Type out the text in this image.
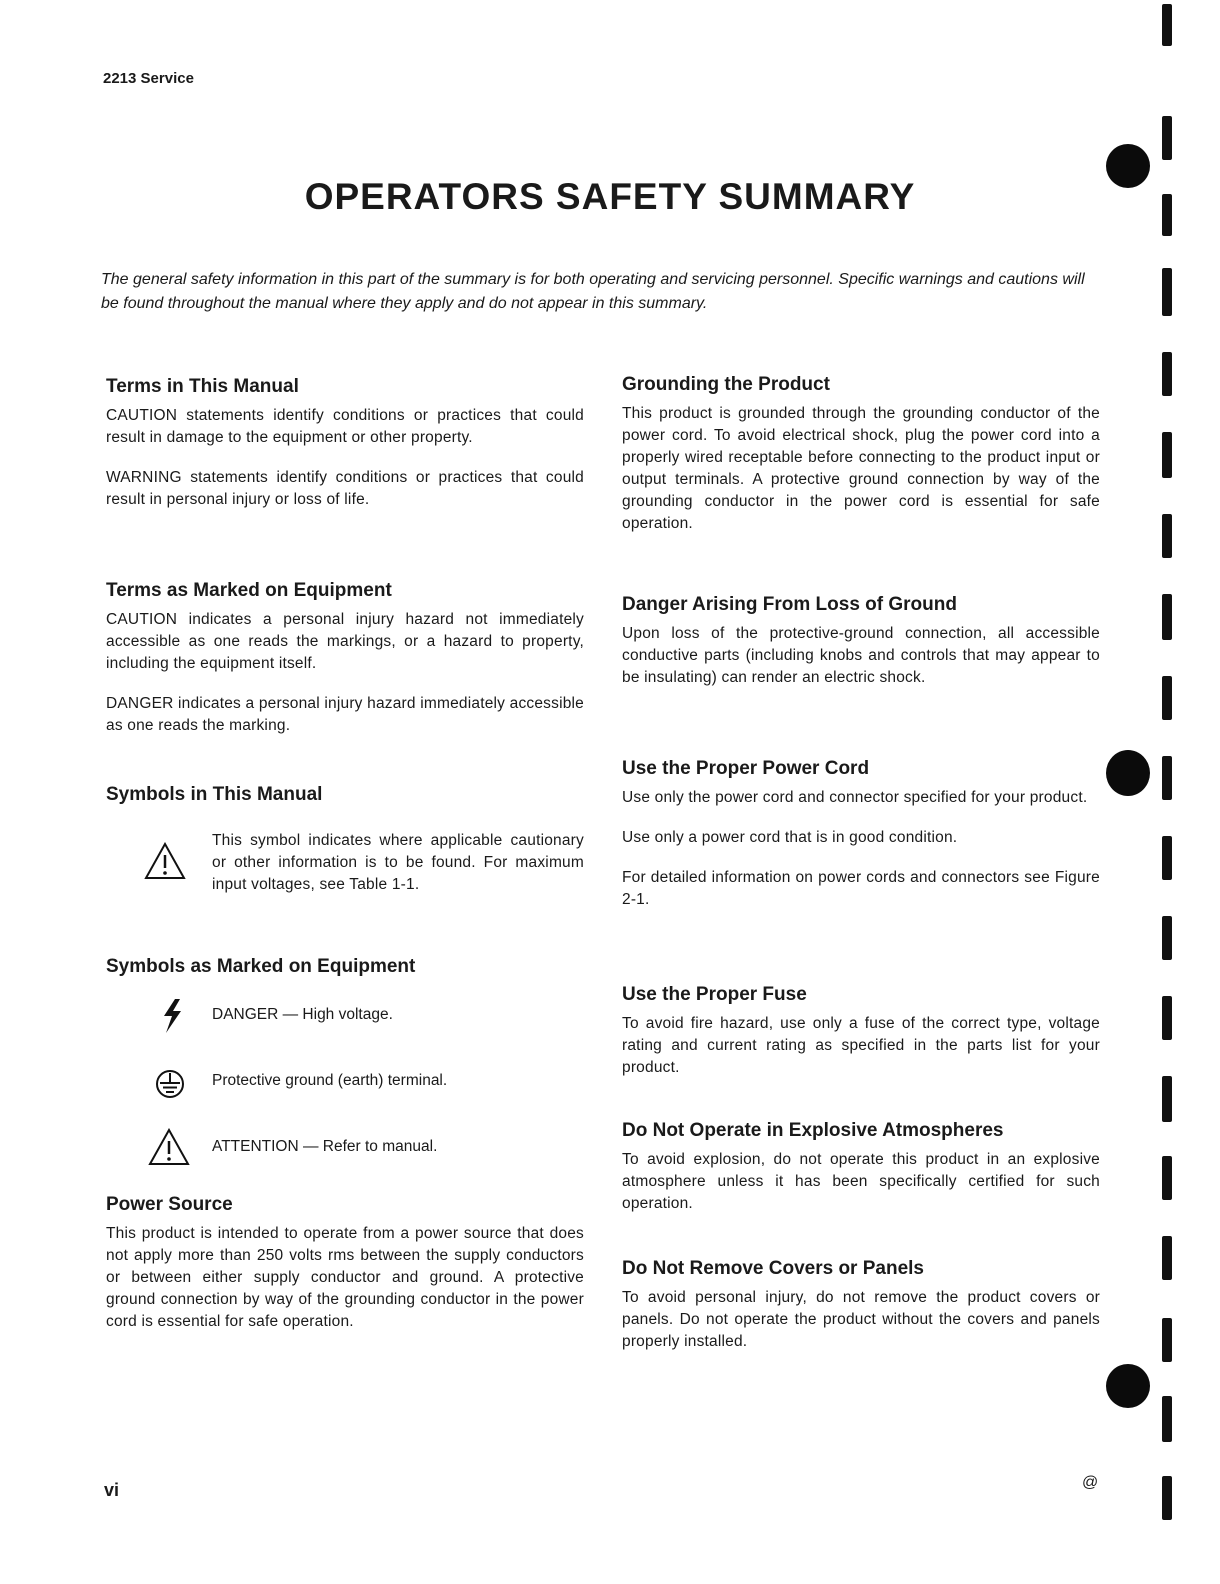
2213 Service
OPERATORS SAFETY SUMMARY

The general safety information in this part of the summary is for both operating and servicing personnel. Specific warnings and cautions will be found throughout the manual where they apply and do not appear in this summary.

Terms in This Manual

CAUTION statements identify conditions or practices that could result in damage to the equipment or other property.

WARNING statements identify conditions or practices that could result in personal injury or loss of life.

Terms as Marked on Equipment

CAUTION indicates a personal injury hazard not immediately accessible as one reads the markings, or a hazard to property, including the equipment itself.

DANGER indicates a personal injury hazard immediately accessible as one reads the marking.

Symbols in This Manual

This symbol indicates where applicable cautionary or other information is to be found. For maximum input voltages, see Table 1-1.

Symbols as Marked on Equipment
DANGER — High voltage.
Protective ground (earth) terminal.
ATTENTION — Refer to manual.
Power Source

This product is intended to operate from a power source that does not apply more than 250 volts rms between the supply conductors or between either supply conductor and ground. A protective ground connection by way of the grounding conductor in the power cord is essential for safe operation.

Grounding the Product

This product is grounded through the grounding conductor of the power cord. To avoid electrical shock, plug the power cord into a properly wired receptable before connecting to the product input or output terminals. A protective ground connection by way of the grounding conductor in the power cord is essential for safe operation.

Danger Arising From Loss of Ground

Upon loss of the protective-ground connection, all accessible conductive parts (including knobs and controls that may appear to be insulating) can render an electric shock.

Use the Proper Power Cord

Use only the power cord and connector specified for your product.

Use only a power cord that is in good condition.

For detailed information on power cords and connectors see Figure 2-1.

Use the Proper Fuse

To avoid fire hazard, use only a fuse of the correct type, voltage rating and current rating as specified in the parts list for your product.

Do Not Operate in Explosive Atmospheres

To avoid explosion, do not operate this product in an explosive atmosphere unless it has been specifically certified for such operation.

Do Not Remove Covers or Panels

To avoid personal injury, do not remove the product covers or panels. Do not operate the product without the covers and panels properly installed.

vi	@
